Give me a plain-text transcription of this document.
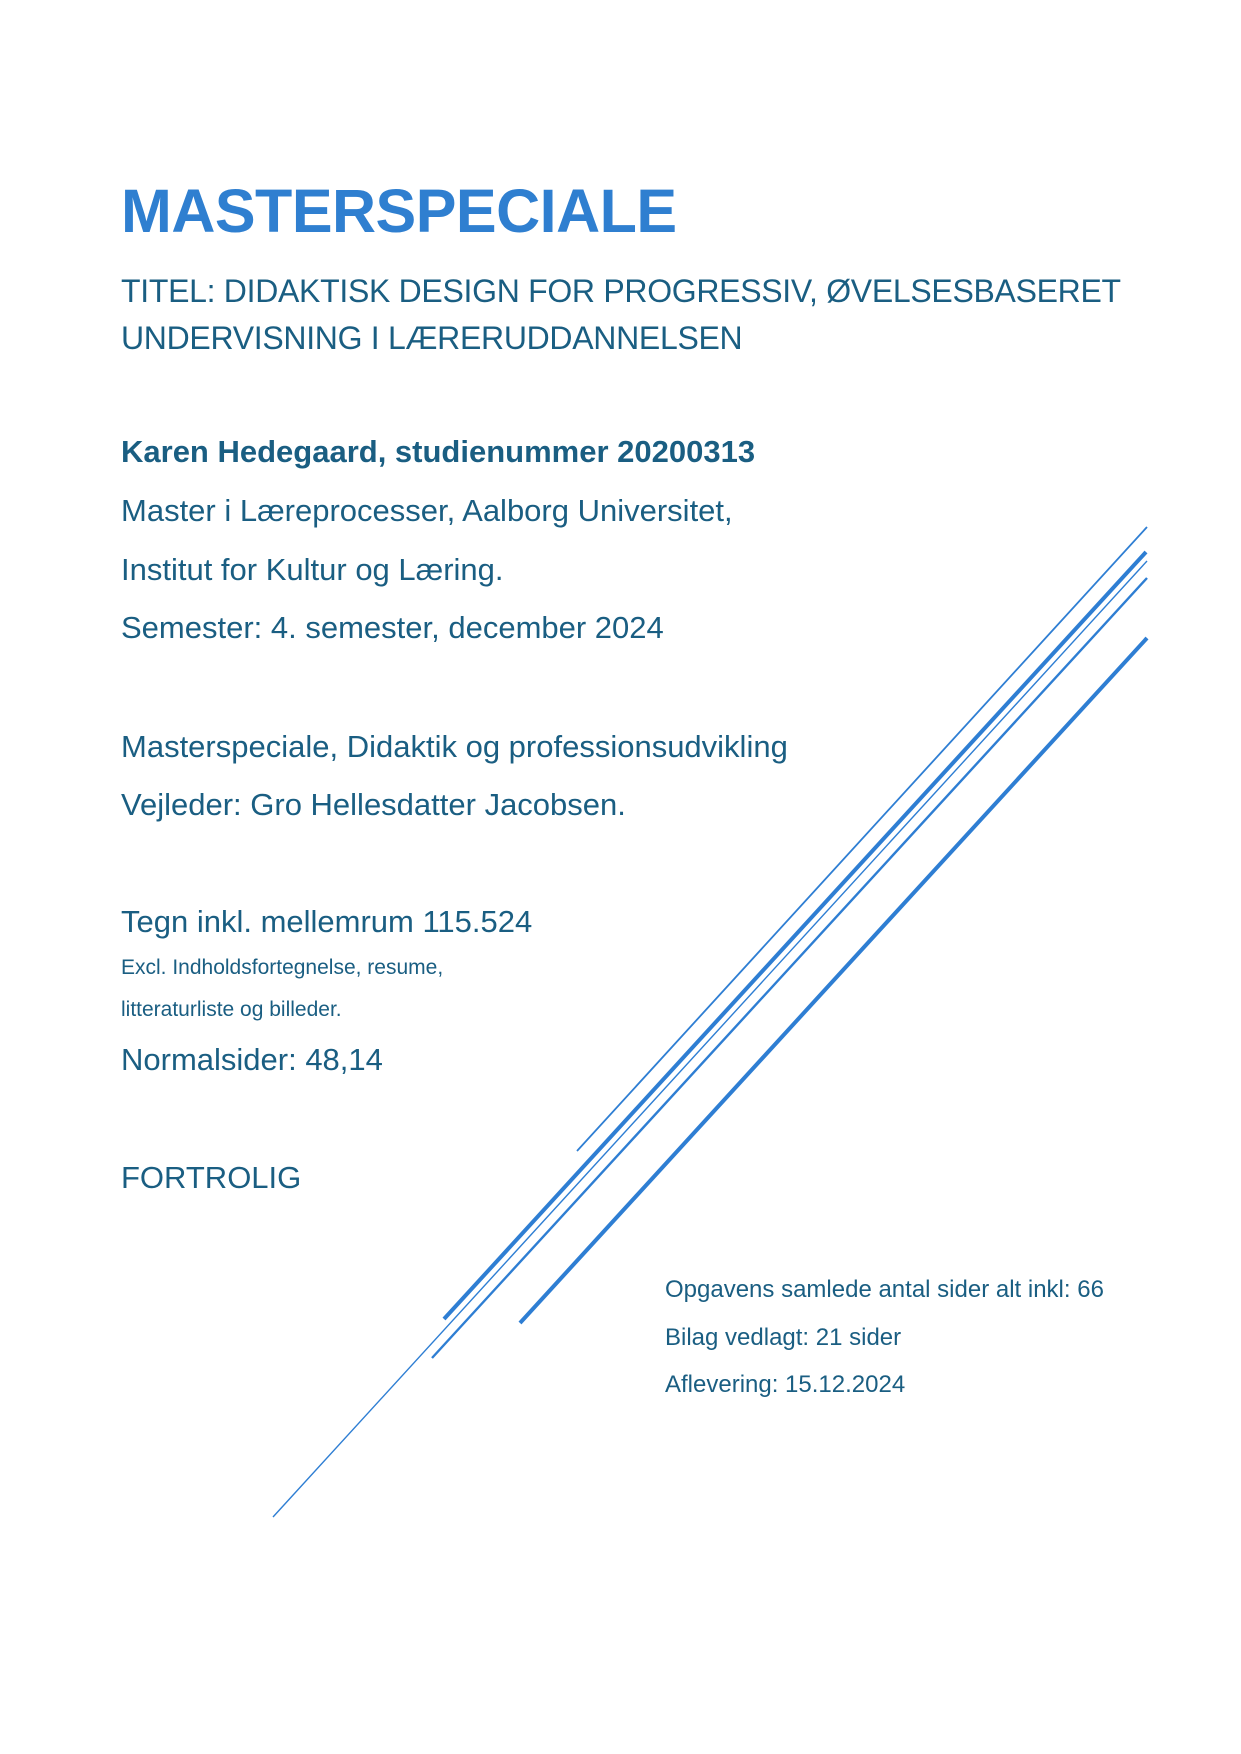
MASTERSPECIALE
TITEL: DIDAKTISK DESIGN FOR PROGRESSIV, ØVELSESBASERET
UNDERVISNING I LÆRERUDDANNELSEN
Karen Hedegaard, studienummer 20200313
Master i Læreprocesser, Aalborg Universitet,
Institut for Kultur og Læring.
Semester: 4. semester, december 2024
Masterspeciale, Didaktik og professionsudvikling
Vejleder: Gro Hellesdatter Jacobsen.
Tegn inkl. mellemrum 115.524
Excl. Indholdsfortegnelse, resume,
litteraturliste og billeder.
Normalsider: 48,14
FORTROLIG
Opgavens samlede antal sider alt inkl: 66
Bilag vedlagt: 21 sider
Aflevering: 15.12.2024
